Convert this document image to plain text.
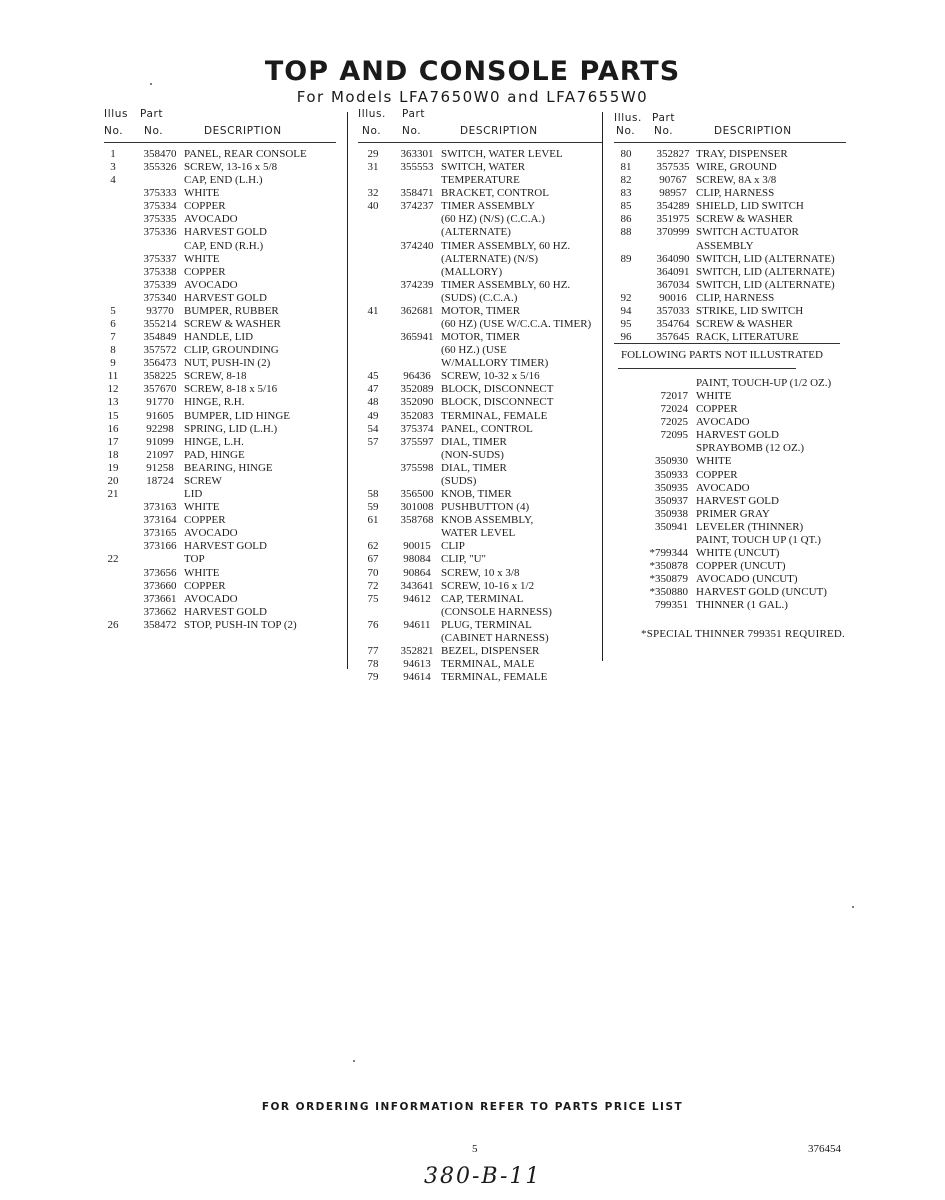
TOP AND CONSOLE PARTS
For Models LFA7650W0 and LFA7655W0
Illus Part
No. No.	DESCRIPTION
1	358470 PANEL, REAR CONSOLE
3	355326 SCREW, 13-16 x 5/8
4	CAP, END (L.H.)
375333 WHITE
375334 COPPER
375335 AVOCADO
375336 HARVEST GOLD
CAP, END (R.H.)
375337 WHITE
375338 COPPER
375339 AVOCADO
375340 HARVEST GOLD
5	93770 BUMPER, RUBBER
6	355214 SCREW & WASHER
7	354849 HANDLE, LID
8	357572 CLIP, GROUNDING
9	356473 NUT, PUSH-IN (2)
11	358225 SCREW, 8-18
12	357670 SCREW, 8-18 x 5/16
13	91770 HINGE, R.H.
15	91605 BUMPER, LID HINGE
16	92298 SPRING, LID (L.H.)
17	91099 HINGE, L.H.
18	21097 PAD, HINGE
19	91258 BEARING, HINGE
20	18724 SCREW
21	LID
373163 WHITE
373164 COPPER
373165 AVOCADO
373166 HARVEST GOLD
22	TOP
373656 WHITE
373660 COPPER
373661 AVOCADO
373662 HARVEST GOLD
26	358472 STOP, PUSH-IN TOP (2)
Illus. Part
No. No.	DESCRIPTION
29	363301 SWITCH, WATER LEVEL
31	355553 SWITCH, WATER
TEMPERATURE
32	358471 BRACKET, CONTROL
40	374237 TIMER ASSEMBLY
(60 HZ) (N/S) (C.C.A.)
(ALTERNATE)
374240 TIMER ASSEMBLY, 60 HZ.
(ALTERNATE) (N/S)
(MALLORY)
374239 TIMER ASSEMBLY, 60 HZ.
(SUDS) (C.C.A.)
41	362681 MOTOR, TIMER
(60 HZ) (USE W/C.C.A. TIMER)
365941 MOTOR, TIMER
(60 HZ.) (USE
W/MALLORY TIMER)
45	96436 SCREW, 10-32 x 5/16
47	352089 BLOCK, DISCONNECT
48	352090 BLOCK, DISCONNECT
49	352083 TERMINAL, FEMALE
54	375374 PANEL, CONTROL
57	375597 DIAL, TIMER
(NON-SUDS)
375598 DIAL, TIMER
(SUDS)
58	356500 KNOB, TIMER
59	301008 PUSHBUTTON (4)
61	358768 KNOB ASSEMBLY,
WATER LEVEL
62	90015 CLIP
67	98084 CLIP, "U"
70	90864 SCREW, 10 x 3/8
72	343641 SCREW, 10-16 x 1/2
75	94612 CAP, TERMINAL
(CONSOLE HARNESS)
76	94611 PLUG, TERMINAL
(CABINET HARNESS)
77	352821 BEZEL, DISPENSER
78	94613 TERMINAL, MALE
79	94614 TERMINAL, FEMALE
Illus. Part
No. No.	DESCRIPTION
80	352827 TRAY, DISPENSER
81	357535 WIRE, GROUND
82	90767 SCREW, 8A x 3/8
83	98957 CLIP, HARNESS
85	354289 SHIELD, LID SWITCH
86	351975 SCREW & WASHER
88	370999 SWITCH ACTUATOR
ASSEMBLY
89	364090 SWITCH, LID (ALTERNATE)
364091 SWITCH, LID (ALTERNATE)
367034 SWITCH, LID (ALTERNATE)
92	90016 CLIP, HARNESS
94	357033 STRIKE, LID SWITCH
95	354764 SCREW & WASHER
96	357645 RACK, LITERATURE
FOLLOWING PARTS NOT ILLUSTRATED
PAINT, TOUCH-UP (1/2 OZ.)
72017 WHITE
72024 COPPER
72025 AVOCADO
72095 HARVEST GOLD
SPRAYBOMB (12 OZ.)
350930 WHITE
350933 COPPER
350935 AVOCADO
350937 HARVEST GOLD
350938 PRIMER GRAY
350941 LEVELER (THINNER)
PAINT, TOUCH UP (1 QT.)
*799344 WHITE (UNCUT)
*350878 COPPER (UNCUT)
*350879 AVOCADO (UNCUT)
*350880 HARVEST GOLD (UNCUT)
799351 THINNER (1 GAL.)
*SPECIAL THINNER 799351 REQUIRED.
FOR ORDERING INFORMATION REFER TO PARTS PRICE LIST
5	376454
380-B-11
